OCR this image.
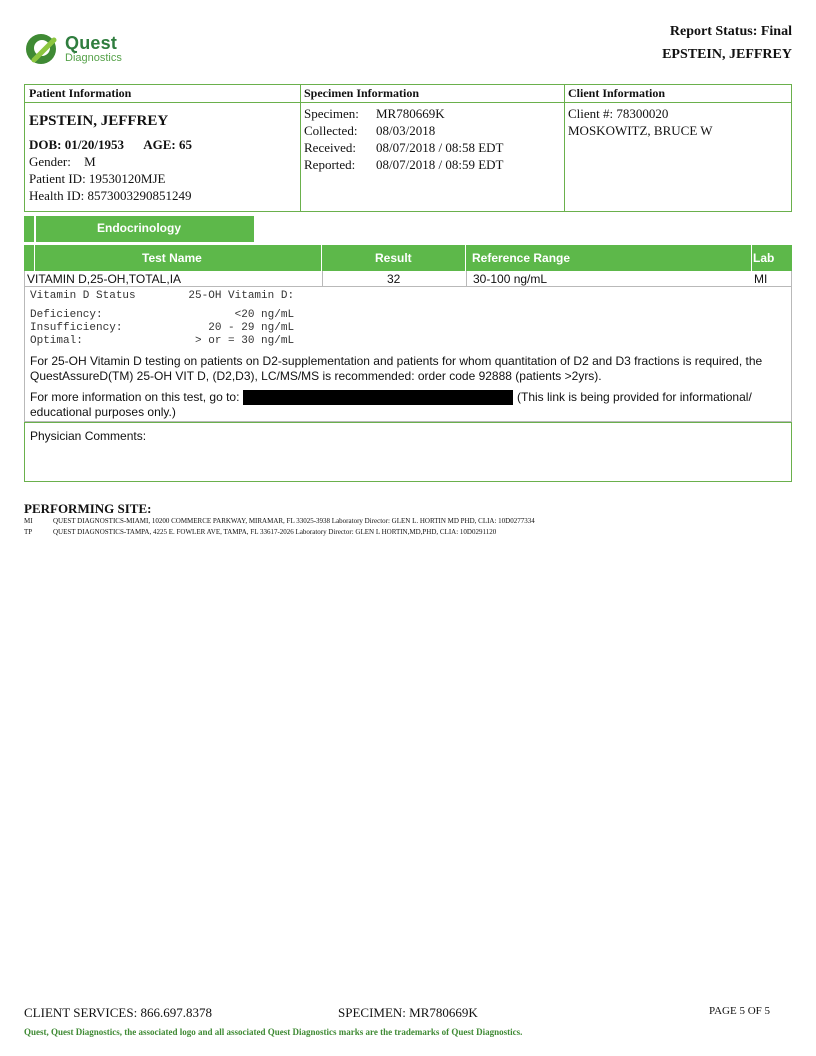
Quest
Diagnostics
Report Status: Final
EPSTEIN, JEFFREY
Patient Information
EPSTEIN, JEFFREY
DOB: 01/20/1953 AGE: 65
Gender: M
Patient ID: 19530120MJE
Health ID: 8573003290851249
Specimen Information
Specimen: MR780669K
Collected: 08/03/2018
Received: 08/07/2018 / 08:58 EDT
Reported: 08/07/2018 / 08:59 EDT
Client Information
Client #: 78300020
MOSKOWITZ, BRUCE W
Endocrinology
Test Name	Result	Reference Range	Lab
VITAMIN D,25-OH,TOTAL,IA	32	30-100 ng/mL	MI
Vitamin D Status        25-OH Vitamin D:
Deficiency:                    <20 ng/mL
Insufficiency:             20 - 29 ng/mL
Optimal:                 > or = 30 ng/mL
For 25-OH Vitamin D testing on patients on D2-supplementation and patients for whom quantitation of D2 and D3 fractions is required, the QuestAssureD(TM) 25-OH VIT D, (D2,D3), LC/MS/MS is recommended: order code 92888 (patients >2yrs).
For more information on this test, go to:	(This link is being provided for informational/
educational purposes only.)
Physician Comments:
PERFORMING SITE:
MI	QUEST DIAGNOSTICS-MIAMI, 10200 COMMERCE PARKWAY, MIRAMAR, FL 33025-3938 Laboratory Director: GLEN L. HORTIN MD PHD, CLIA: 10D0277334
TP	QUEST DIAGNOSTICS-TAMPA, 4225 E. FOWLER AVE, TAMPA, FL 33617-2026 Laboratory Director: GLEN L HORTIN,MD,PHD, CLIA: 10D0291120
CLIENT SERVICES: 866.697.8378	SPECIMEN: MR780669K	PAGE 5 OF 5
Quest, Quest Diagnostics, the associated logo and all associated Quest Diagnostics marks are the trademarks of Quest Diagnostics.
